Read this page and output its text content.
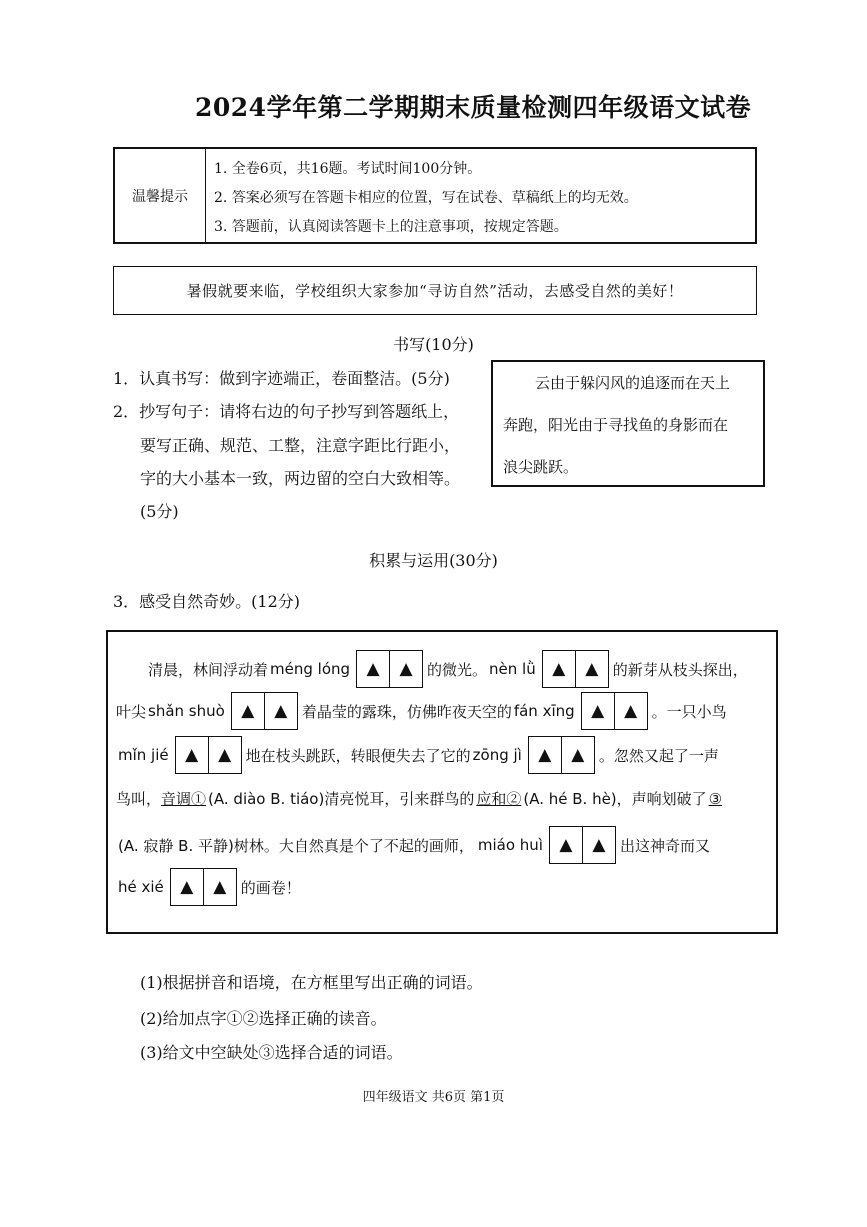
2024学年第二学期期末质量检测四年级语文试卷
温馨提示
1. 全卷6页，共16题。考试时间100分钟。
2. 答案必须写在答题卡相应的位置，写在试卷、草稿纸上的均无效。
3. 答题前，认真阅读答题卡上的注意事项，按规定答题。
暑假就要来临，学校组织大家参加“寻访自然”活动，去感受自然的美好！
书写(10分)
1．认真书写：做到字迹端正，卷面整洁。(5分)
2．抄写句子：请将右边的句子抄写到答题纸上，
要写正确、规范、工整，注意字距比行距小，
字的大小基本一致，两边留的空白大致相等。
(5分)
云由于躲闪风的追逐而在天上
奔跑，阳光由于寻找鱼的身影而在
浪尖跳跃。
积累与运用(30分)
3．感受自然奇妙。(12分)
清晨，林间浮动着 méng lóng ▲	▲ 的微光。 nèn lǜ ▲	▲ 的新芽从枝头探出，
叶尖 shǎn shuò ▲	▲ 着晶莹的露珠，仿佛昨夜天空的 fán xīng ▲	▲ 。一只小鸟
mǐn jié ▲	▲ 地在枝头跳跃，转眼便失去了它的 zōng jì ▲	▲ 。忽然又起了一声
鸟叫， 音调① (A. diào B. tiáo)清亮悦耳，引来群鸟的 应和② (A. hé B. hè)，声响划破了 ③
(A. 寂静 B. 平静)树林。大自然真是个了不起的画师， miáo huì ▲	▲ 出这神奇而又
hé xié ▲	▲ 的画卷！
(1)根据拼音和语境，在方框里写出正确的词语。
(2)给加点字①②选择正确的读音。
(3)给文中空缺处③选择合适的词语。
四年级语文 共6页 第1页
